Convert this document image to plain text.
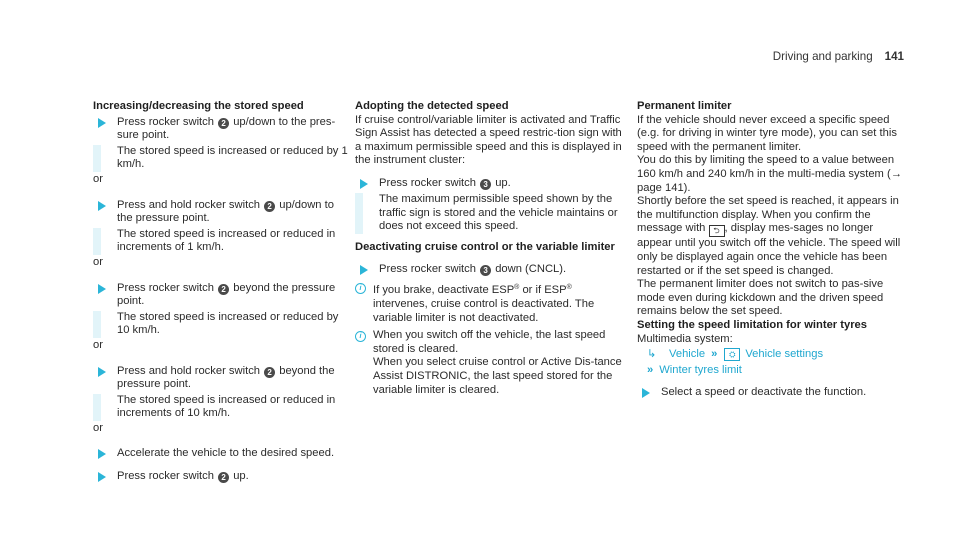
Driving and parking 141
Increasing/decreasing the stored speed
Press rocker switch 2 up/down to the pres-sure point.
The stored speed is increased or reduced by 1 km/h.
or
Press and hold rocker switch 2 up/down to the pressure point.
The stored speed is increased or reduced in increments of 1 km/h.
or
Press rocker switch 2 beyond the pressure point.
The stored speed is increased or reduced by 10 km/h.
or
Press and hold rocker switch 2 beyond the pressure point.
The stored speed is increased or reduced in increments of 10 km/h.
or
Accelerate the vehicle to the desired speed.
Press rocker switch 2 up.
Adopting the detected speed

If cruise control/variable limiter is activated and Traffic Sign Assist has detected a speed restric-tion sign with a maximum permissible speed and this is displayed in the instrument cluster:

Press rocker switch 3 up.
The maximum permissible speed shown by the traffic sign is stored and the vehicle maintains or does not exceed this speed.
Deactivating cruise control or the variable limiter
Press rocker switch 3 down (CNCL).
i	If you brake, deactivate ESP® or if ESP® intervenes, cruise control is deactivated. The variable limiter is not deactivated.
i	When you switch off the vehicle, the last speed stored is cleared.
When you select cruise control or Active Dis-tance Assist DISTRONIC, the last speed stored for the variable limiter is cleared.
Permanent limiter

If the vehicle should never exceed a specific speed (e.g. for driving in winter tyre mode), you can set this speed with the permanent limiter.

You do this by limiting the speed to a value between 160 km/h and 240 km/h in the multi-media system (→ page 141).

Shortly before the set speed is reached, it appears in the multifunction display. When you confirm the message with ⮌ , display mes-sages no longer appear until you switch off the vehicle. The speed will only be displayed again once the vehicle has been restarted or if the set speed is changed.

The permanent limiter does not switch to pas-sive mode even during kickdown and the driven speed remains below the set speed.

Setting the speed limitation for winter tyres
Multimedia system:
↳	Vehicle »	⛭ Vehicle settings
» Winter tyres limit
Select a speed or deactivate the function.
